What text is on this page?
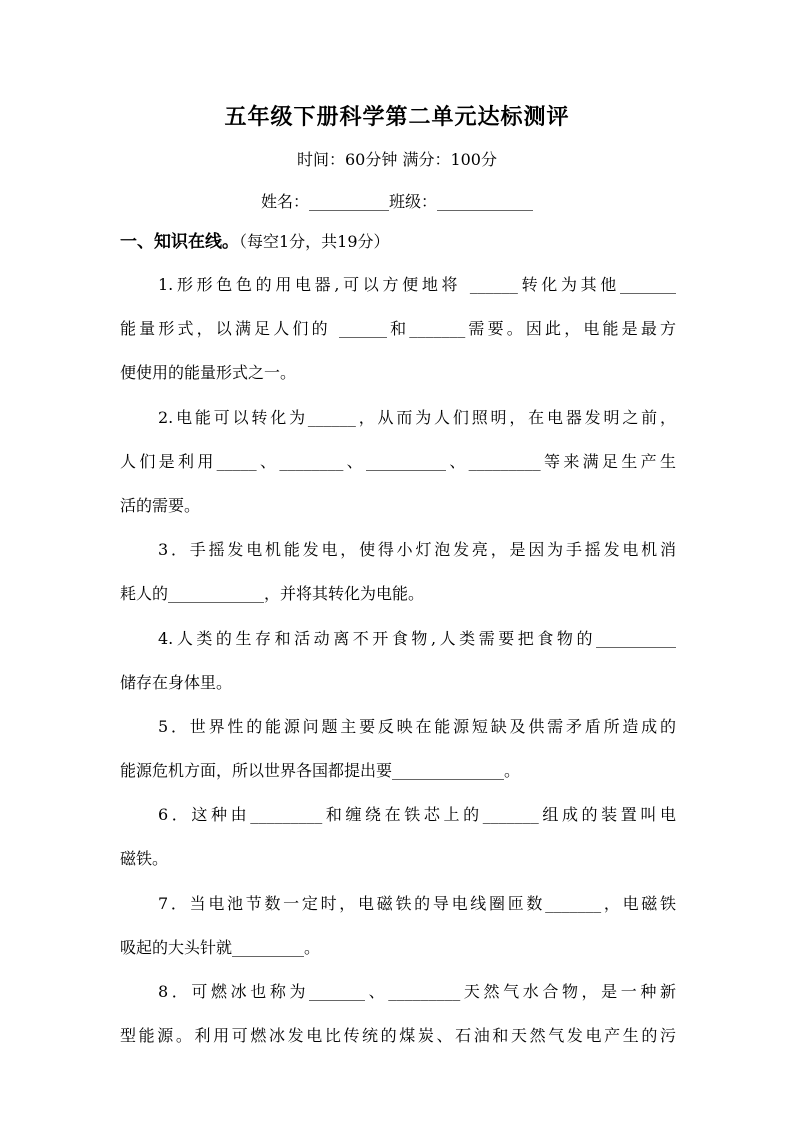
五年级下册科学第二单元达标测评
时间：60分钟 满分：100分
姓名：__________班级：____________
一、知识在线。（每空1分，共19分）
1.形形色色的用电器,可以方便地将 ______转化为其他_______
能量形式，以满足人们的 ______和_______需要。因此，电能是最方
便使用的能量形式之一。
2.电能可以转化为______，从而为人们照明，在电器发明之前，
人们是利用_____、________、__________、_________等来满足生产生
活的需要。
3．手摇发电机能发电，使得小灯泡发亮，是因为手摇发电机消
耗人的____________，并将其转化为电能。
4.人类的生存和活动离不开食物,人类需要把食物的__________
储存在身体里。
5．世界性的能源问题主要反映在能源短缺及供需矛盾所造成的
能源危机方面，所以世界各国都提出要______________。
6．这种由_________和缠绕在铁芯上的_______组成的装置叫电
磁铁。
7．当电池节数一定时，电磁铁的导电线圈匝数_______，电磁铁
吸起的大头针就_________。
8．可燃冰也称为_______、_________天然气水合物，是一种新
型能源。利用可燃冰发电比传统的煤炭、石油和天然气发电产生的污
